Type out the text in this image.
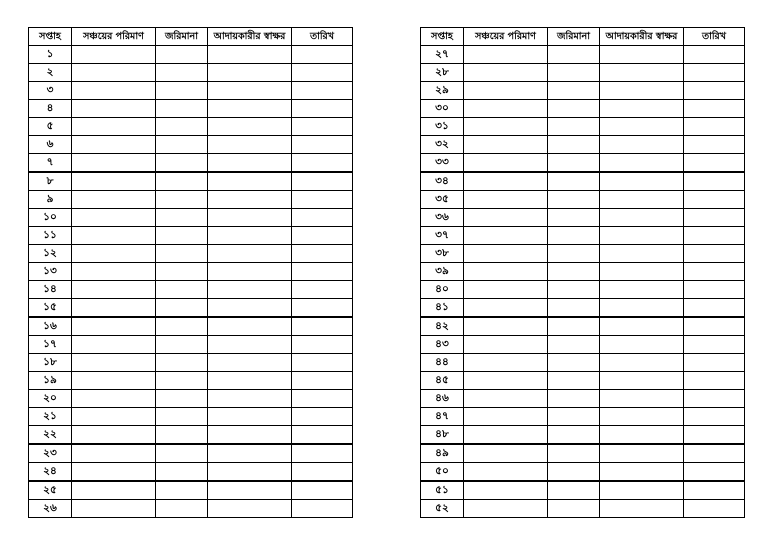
সপ্তাহ	সঞ্চয়ের পরিমাণ	জরিমানা	আদায়কারীর স্বাক্ষর	তারিখ
১				
২				
৩				
৪				
৫				
৬				
৭				
৮				
৯				
১০				
১১				
১২				
১৩				
১৪				
১৫				
১৬				
১৭				
১৮				
১৯				
২০				
২১				
২২				
২৩				
২৪				
২৫				
২৬				
সপ্তাহ	সঞ্চয়ের পরিমাণ	জরিমানা	আদায়কারীর স্বাক্ষর	তারিখ
২৭				
২৮				
২৯				
৩০				
৩১				
৩২				
৩৩				
৩৪				
৩৫				
৩৬				
৩৭				
৩৮				
৩৯				
৪০				
৪১				
৪২				
৪৩				
৪৪				
৪৫				
৪৬				
৪৭				
৪৮				
৪৯				
৫০				
৫১				
৫২				
